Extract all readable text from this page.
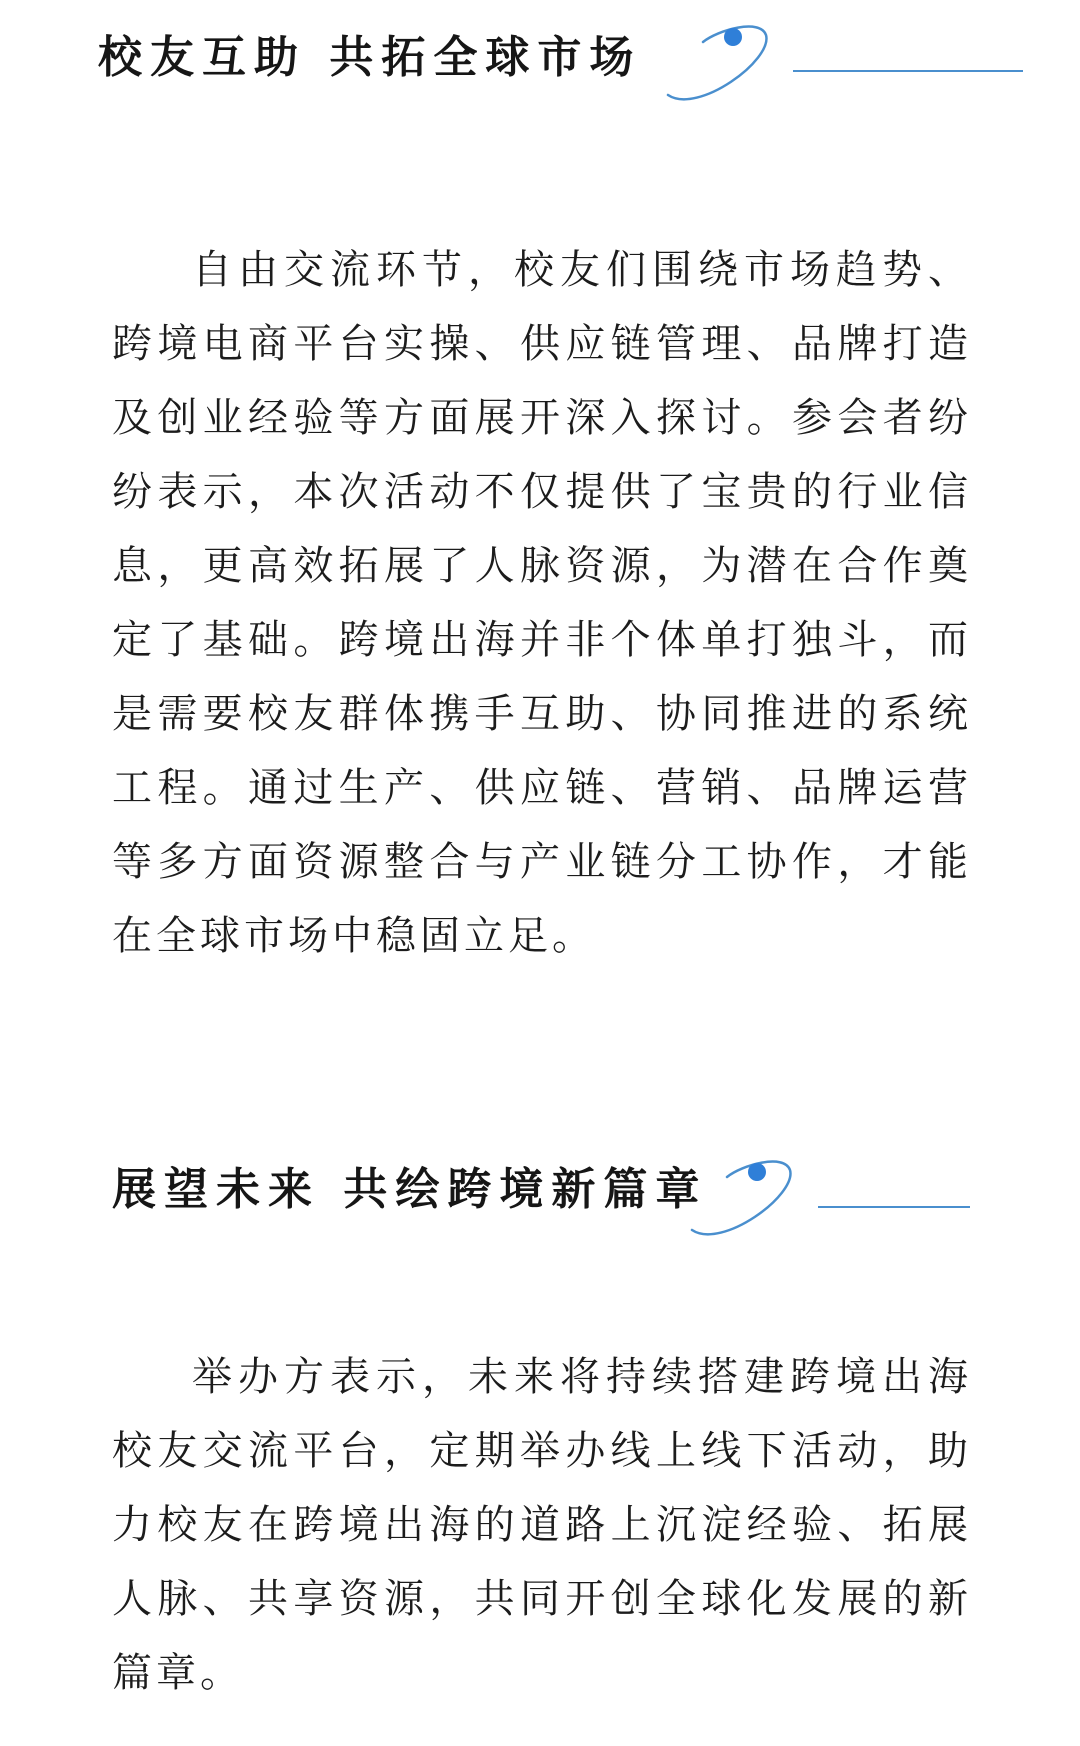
校友互助 共拓全球市场

自由交流环节，校友们围绕市场趋势、跨境电商平台实操、供应链管理、品牌打造及创业经验等方面展开深入探讨。参会者纷纷表示，本次活动不仅提供了宝贵的行业信息，更高效拓展了人脉资源，为潜在合作奠定了基础。跨境出海并非个体单打独斗，而是需要校友群体携手互助、协同推进的系统工程。通过生产、供应链、营销、品牌运营等多方面资源整合与产业链分工协作，才能在全球市场中稳固立足。

展望未来 共绘跨境新篇章

举办方表示，未来将持续搭建跨境出海校友交流平台，定期举办线上线下活动，助力校友在跨境出海的道路上沉淀经验、拓展人脉、共享资源，共同开创全球化发展的新篇章。
